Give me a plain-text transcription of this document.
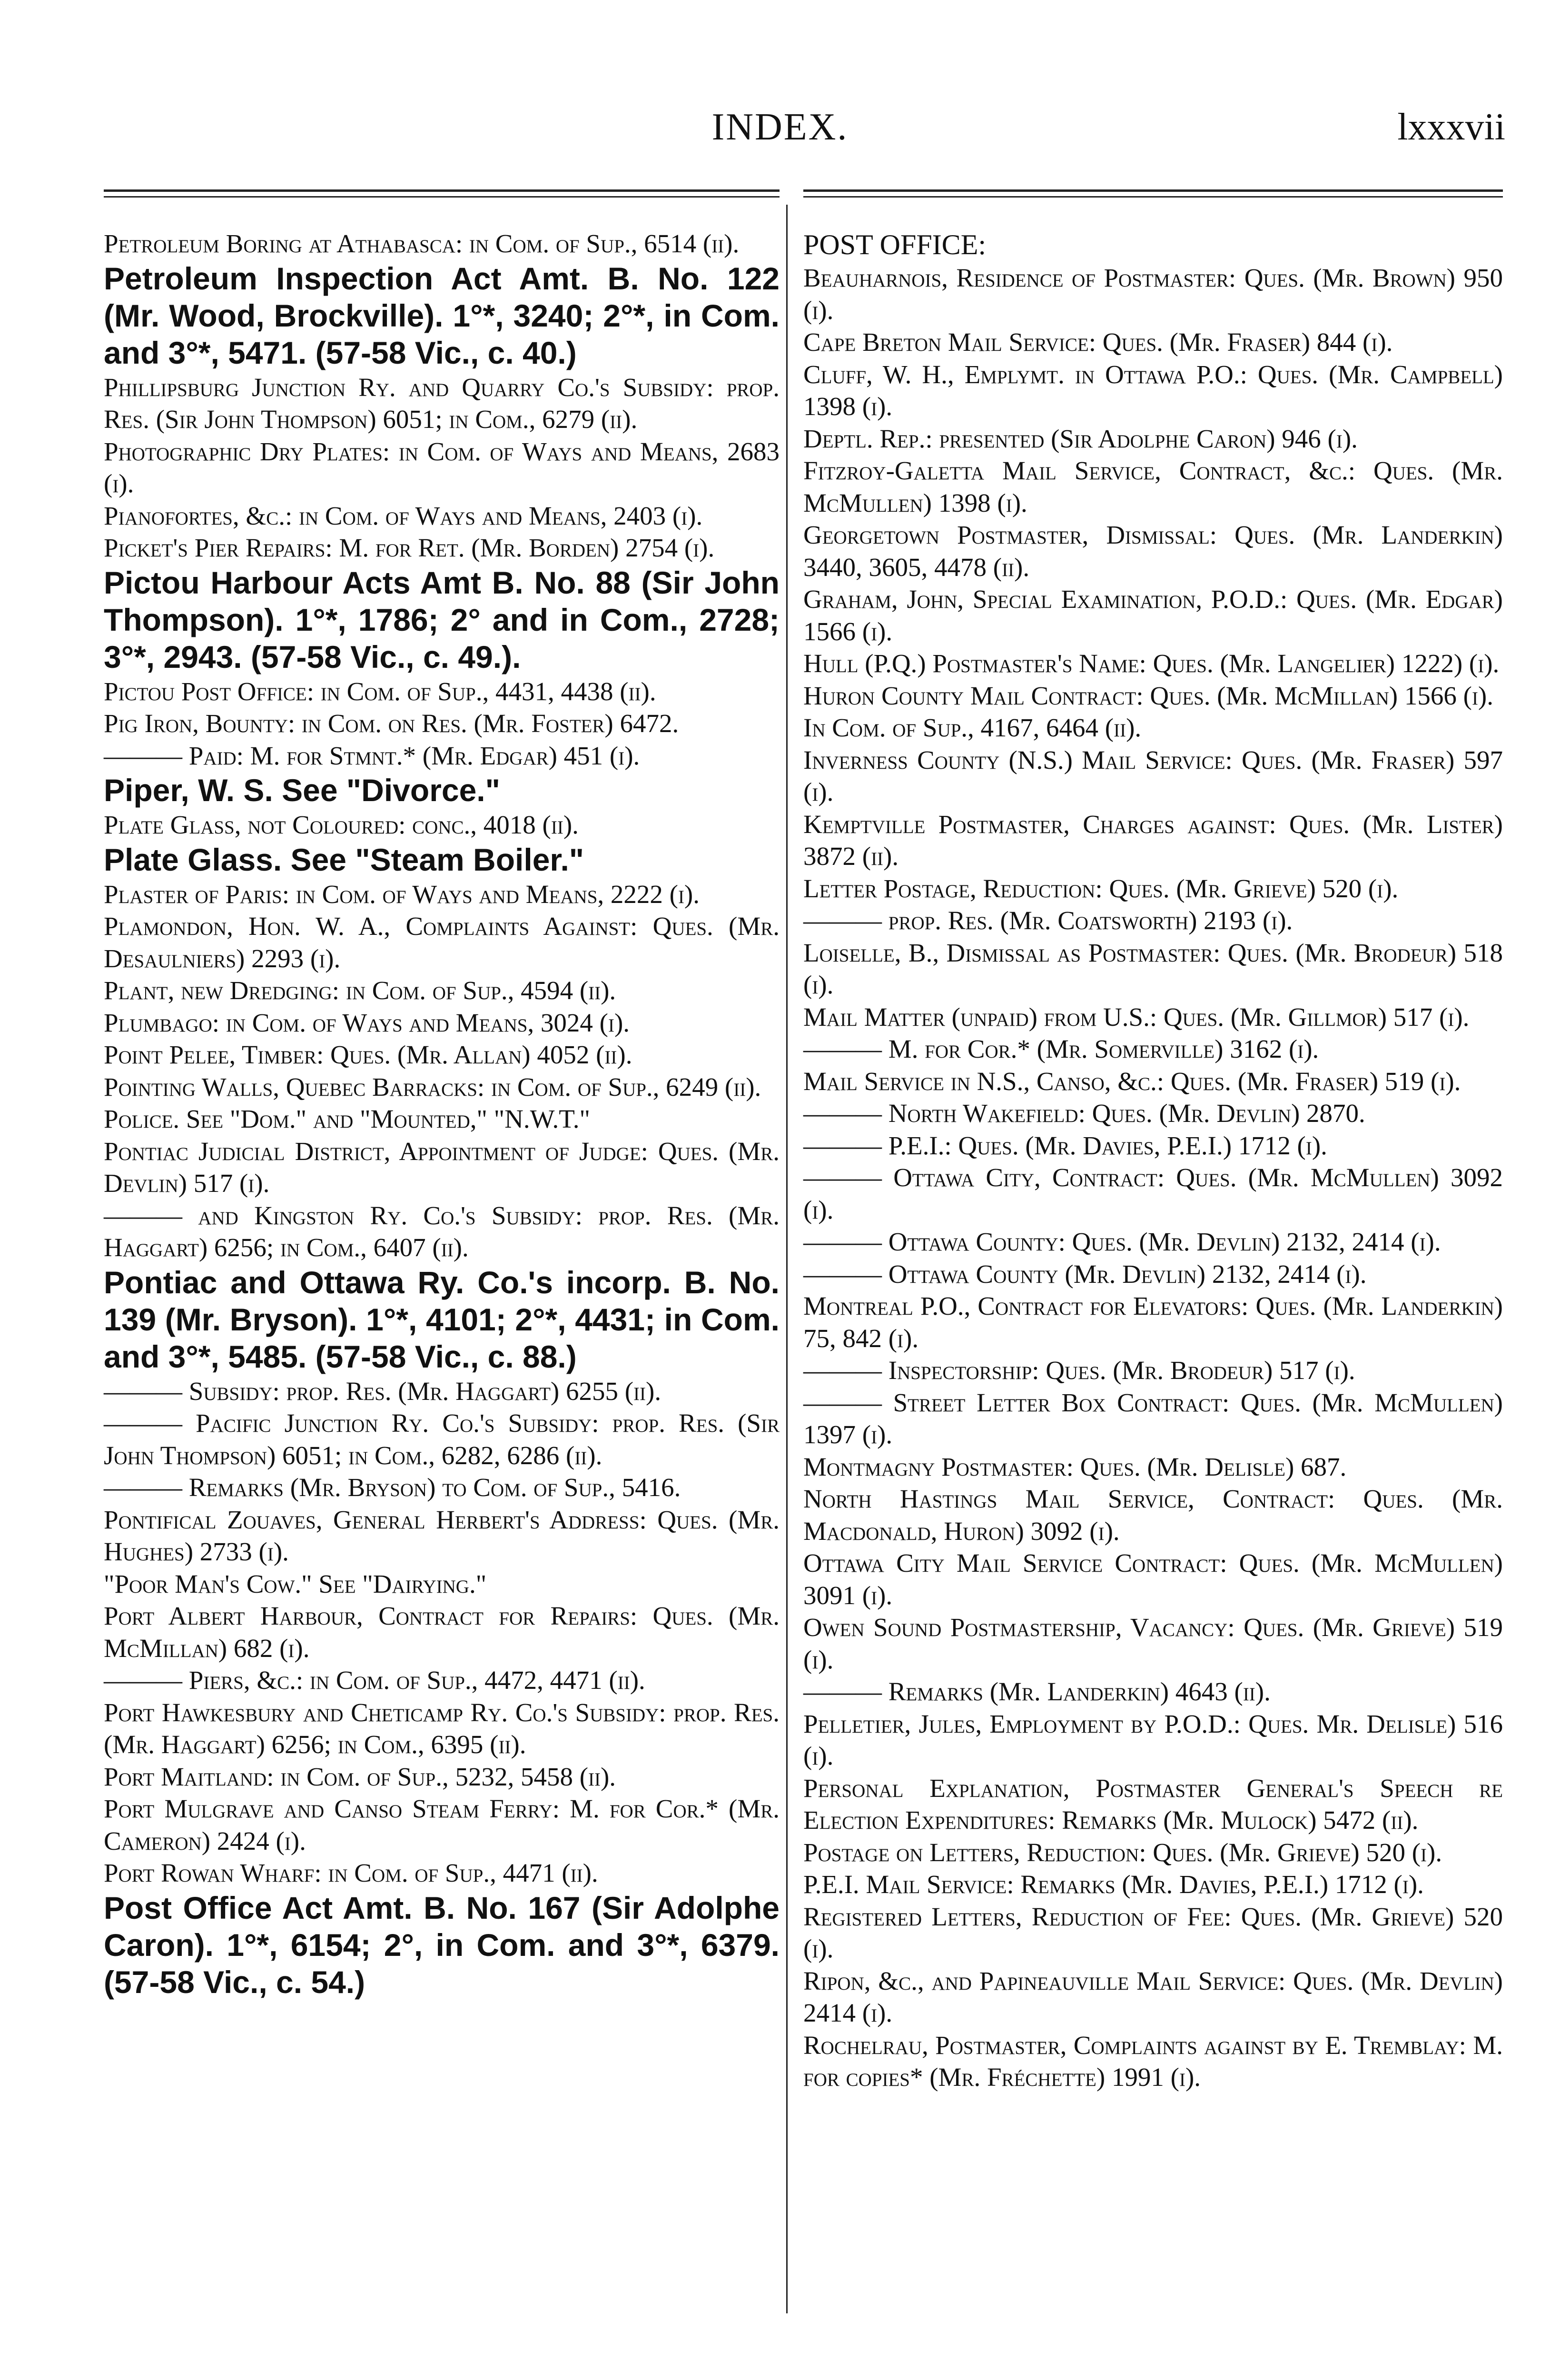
INDEX.	lxxxvii
Petroleum Boring at Athabasca: in Com. of Sup., 6514 (ii).
Petroleum Inspection Act Amt. B. No. 122 (Mr. Wood, Brockville). 1°*, 3240; 2°*, in Com. and 3°*, 5471. (57-58 Vic., c. 40.)
Phillipsburg Junction Ry. and Quarry Co.'s Subsidy: prop. Res. (Sir John Thompson) 6051; in Com., 6279 (ii).
Photographic Dry Plates: in Com. of Ways and Means, 2683 (i).
Pianofortes, &c.: in Com. of Ways and Means, 2403 (i).
Picket's Pier Repairs: M. for Ret. (Mr. Borden) 2754 (i).
Pictou Harbour Acts Amt B. No. 88 (Sir John Thompson). 1°*, 1786; 2° and in Com., 2728; 3°*, 2943. (57-58 Vic., c. 49.).
Pictou Post Office: in Com. of Sup., 4431, 4438 (ii).
Pig Iron, Bounty: in Com. on Res. (Mr. Foster) 6472.
——— Paid: M. for Stmnt.* (Mr. Edgar) 451 (i).
Piper, W. S. See "Divorce."
Plate Glass, not Coloured: conc., 4018 (ii).
Plate Glass. See "Steam Boiler."
Plaster of Paris: in Com. of Ways and Means, 2222 (i).
Plamondon, Hon. W. A., Complaints Against: Ques. (Mr. Desaulniers) 2293 (i).
Plant, new Dredging: in Com. of Sup., 4594 (ii).
Plumbago: in Com. of Ways and Means, 3024 (i).
Point Pelee, Timber: Ques. (Mr. Allan) 4052 (ii).
Pointing Walls, Quebec Barracks: in Com. of Sup., 6249 (ii).
Police. See "Dom." and "Mounted," "N.W.T."
Pontiac Judicial District, Appointment of Judge: Ques. (Mr. Devlin) 517 (i).
——— and Kingston Ry. Co.'s Subsidy: prop. Res. (Mr. Haggart) 6256; in Com., 6407 (ii).
Pontiac and Ottawa Ry. Co.'s incorp. B. No. 139 (Mr. Bryson). 1°*, 4101; 2°*, 4431; in Com. and 3°*, 5485. (57-58 Vic., c. 88.)
——— Subsidy: prop. Res. (Mr. Haggart) 6255 (ii).
——— Pacific Junction Ry. Co.'s Subsidy: prop. Res. (Sir John Thompson) 6051; in Com., 6282, 6286 (ii).
——— Remarks (Mr. Bryson) to Com. of Sup., 5416.
Pontifical Zouaves, General Herbert's Address: Ques. (Mr. Hughes) 2733 (i).
"Poor Man's Cow." See "Dairying."
Port Albert Harbour, Contract for Repairs: Ques. (Mr. McMillan) 682 (i).
——— Piers, &c.: in Com. of Sup., 4472, 4471 (ii).
Port Hawkesbury and Cheticamp Ry. Co.'s Subsidy: prop. Res. (Mr. Haggart) 6256; in Com., 6395 (ii).
Port Maitland: in Com. of Sup., 5232, 5458 (ii).
Port Mulgrave and Canso Steam Ferry: M. for Cor.* (Mr. Cameron) 2424 (i).
Port Rowan Wharf: in Com. of Sup., 4471 (ii).
Post Office Act Amt. B. No. 167 (Sir Adolphe Caron). 1°*, 6154; 2°, in Com. and 3°*, 6379. (57-58 Vic., c. 54.)
POST OFFICE:
Beauharnois, Residence of Postmaster: Ques. (Mr. Brown) 950 (i).
Cape Breton Mail Service: Ques. (Mr. Fraser) 844 (i).
Cluff, W. H., Emplymt. in Ottawa P.O.: Ques. (Mr. Campbell) 1398 (i).
Deptl. Rep.: presented (Sir Adolphe Caron) 946 (i).
Fitzroy-Galetta Mail Service, Contract, &c.: Ques. (Mr. McMullen) 1398 (i).
Georgetown Postmaster, Dismissal: Ques. (Mr. Landerkin) 3440, 3605, 4478 (ii).
Graham, John, Special Examination, P.O.D.: Ques. (Mr. Edgar) 1566 (i).
Hull (P.Q.) Postmaster's Name: Ques. (Mr. Langelier) 1222) (i).
Huron County Mail Contract: Ques. (Mr. McMillan) 1566 (i).
In Com. of Sup., 4167, 6464 (ii).
Inverness County (N.S.) Mail Service: Ques. (Mr. Fraser) 597 (i).
Kemptville Postmaster, Charges against: Ques. (Mr. Lister) 3872 (ii).
Letter Postage, Reduction: Ques. (Mr. Grieve) 520 (i).
——— prop. Res. (Mr. Coatsworth) 2193 (i).
Loiselle, B., Dismissal as Postmaster: Ques. (Mr. Brodeur) 518 (i).
Mail Matter (unpaid) from U.S.: Ques. (Mr. Gillmor) 517 (i).
——— M. for Cor.* (Mr. Somerville) 3162 (i).
Mail Service in N.S., Canso, &c.: Ques. (Mr. Fraser) 519 (i).
——— North Wakefield: Ques. (Mr. Devlin) 2870.
——— P.E.I.: Ques. (Mr. Davies, P.E.I.) 1712 (i).
——— Ottawa City, Contract: Ques. (Mr. McMullen) 3092 (i).
——— Ottawa County: Ques. (Mr. Devlin) 2132, 2414 (i).
——— Ottawa County (Mr. Devlin) 2132, 2414 (i).
Montreal P.O., Contract for Elevators: Ques. (Mr. Landerkin) 75, 842 (i).
——— Inspectorship: Ques. (Mr. Brodeur) 517 (i).
——— Street Letter Box Contract: Ques. (Mr. McMullen) 1397 (i).
Montmagny Postmaster: Ques. (Mr. Delisle) 687.
North Hastings Mail Service, Contract: Ques. (Mr. Macdonald, Huron) 3092 (i).
Ottawa City Mail Service Contract: Ques. (Mr. McMullen) 3091 (i).
Owen Sound Postmastership, Vacancy: Ques. (Mr. Grieve) 519 (i).
——— Remarks (Mr. Landerkin) 4643 (ii).
Pelletier, Jules, Employment by P.O.D.: Ques. Mr. Delisle) 516 (i).
Personal Explanation, Postmaster General's Speech re Election Expenditures: Remarks (Mr. Mulock) 5472 (ii).
Postage on Letters, Reduction: Ques. (Mr. Grieve) 520 (i).
P.E.I. Mail Service: Remarks (Mr. Davies, P.E.I.) 1712 (i).
Registered Letters, Reduction of Fee: Ques. (Mr. Grieve) 520 (i).
Ripon, &c., and Papineauville Mail Service: Ques. (Mr. Devlin) 2414 (i).
Rochelrau, Postmaster, Complaints against by E. Tremblay: M. for copies* (Mr. Fréchette) 1991 (i).
